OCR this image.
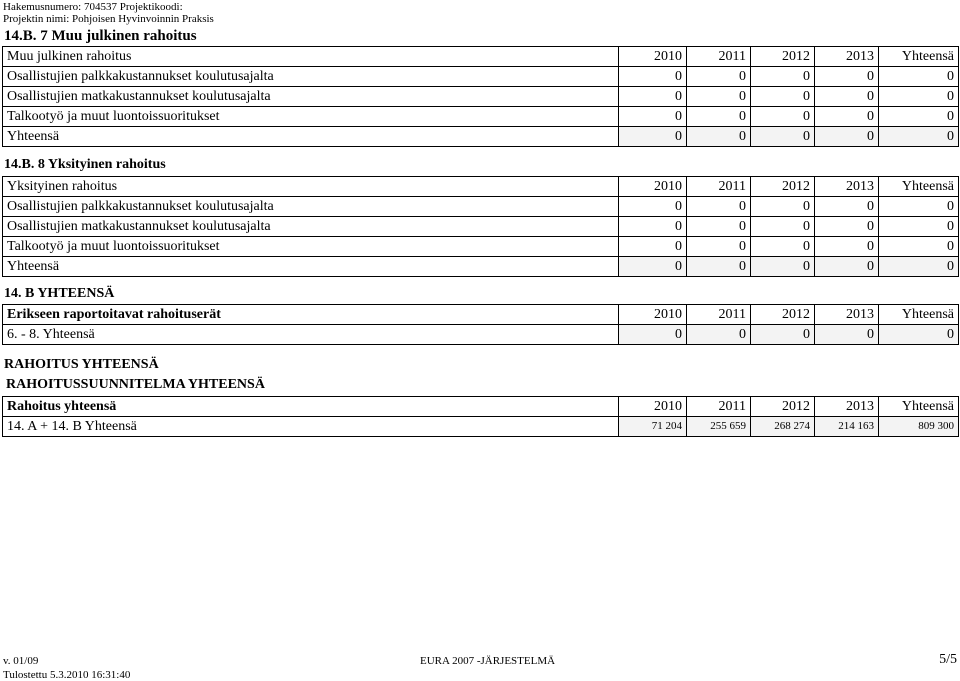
Hakemusnumero: 704537 Projektikoodi:
Projektin nimi: Pohjoisen Hyvinvoinnin Praksis
14.B. 7 Muu julkinen rahoitus
Muu julkinen rahoitus	2010	2011	2012	2013	Yhteensä
Osallistujien palkkakustannukset koulutusajalta	0	0	0	0	0
Osallistujien matkakustannukset koulutusajalta	0	0	0	0	0
Talkootyö ja muut luontoissuoritukset	0	0	0	0	0
Yhteensä	0	0	0	0	0
14.B. 8 Yksityinen rahoitus
Yksityinen rahoitus	2010	2011	2012	2013	Yhteensä
Osallistujien palkkakustannukset koulutusajalta	0	0	0	0	0
Osallistujien matkakustannukset koulutusajalta	0	0	0	0	0
Talkootyö ja muut luontoissuoritukset	0	0	0	0	0
Yhteensä	0	0	0	0	0
14. B YHTEENSÄ
Erikseen raportoitavat rahoituserät	2010	2011	2012	2013	Yhteensä
6. - 8. Yhteensä	0	0	0	0	0
RAHOITUS YHTEENSÄ
RAHOITUSSUUNNITELMA YHTEENSÄ
Rahoitus yhteensä	2010	2011	2012	2013	Yhteensä
14. A + 14. B Yhteensä	71 204	255 659	268 274	214 163	809 300
v. 01/09
Tulostettu 5.3.2010 16:31:40
EURA 2007 -JÄRJESTELMÄ	5/5
